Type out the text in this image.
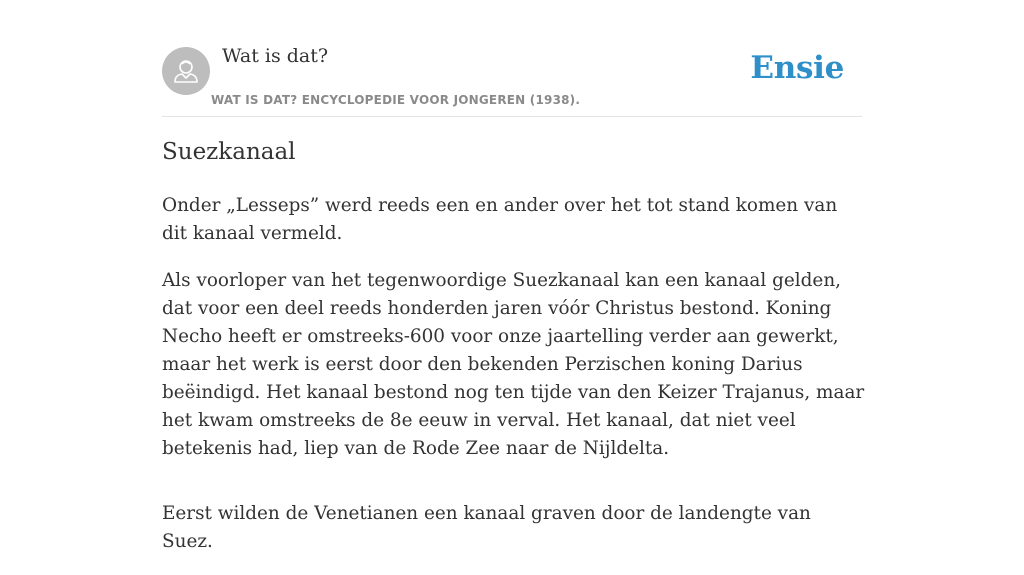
Wat is dat?
WAT IS DAT? ENCYCLOPEDIE VOOR JONGEREN (1938).
Ensie
Suezkanaal

Onder „Lesseps” werd reeds een en ander over het tot stand komen van dit kanaal vermeld.

Als voorloper van het tegenwoordige Suezkanaal kan een kanaal gelden, dat voor een deel reeds honderden jaren vóór Christus bestond. Koning Necho heeft er omstreeks-600 voor onze jaartelling verder aan gewerkt, maar het werk is eerst door den bekenden Perzischen koning Darius beëindigd. Het kanaal bestond nog ten tijde van den Keizer Trajanus, maar het kwam omstreeks de 8e eeuw in verval. Het kanaal, dat niet veel betekenis had, liep van de Rode Zee naar de Nijldelta.

Eerst wilden de Venetianen een kanaal graven door de landengte van Suez.
